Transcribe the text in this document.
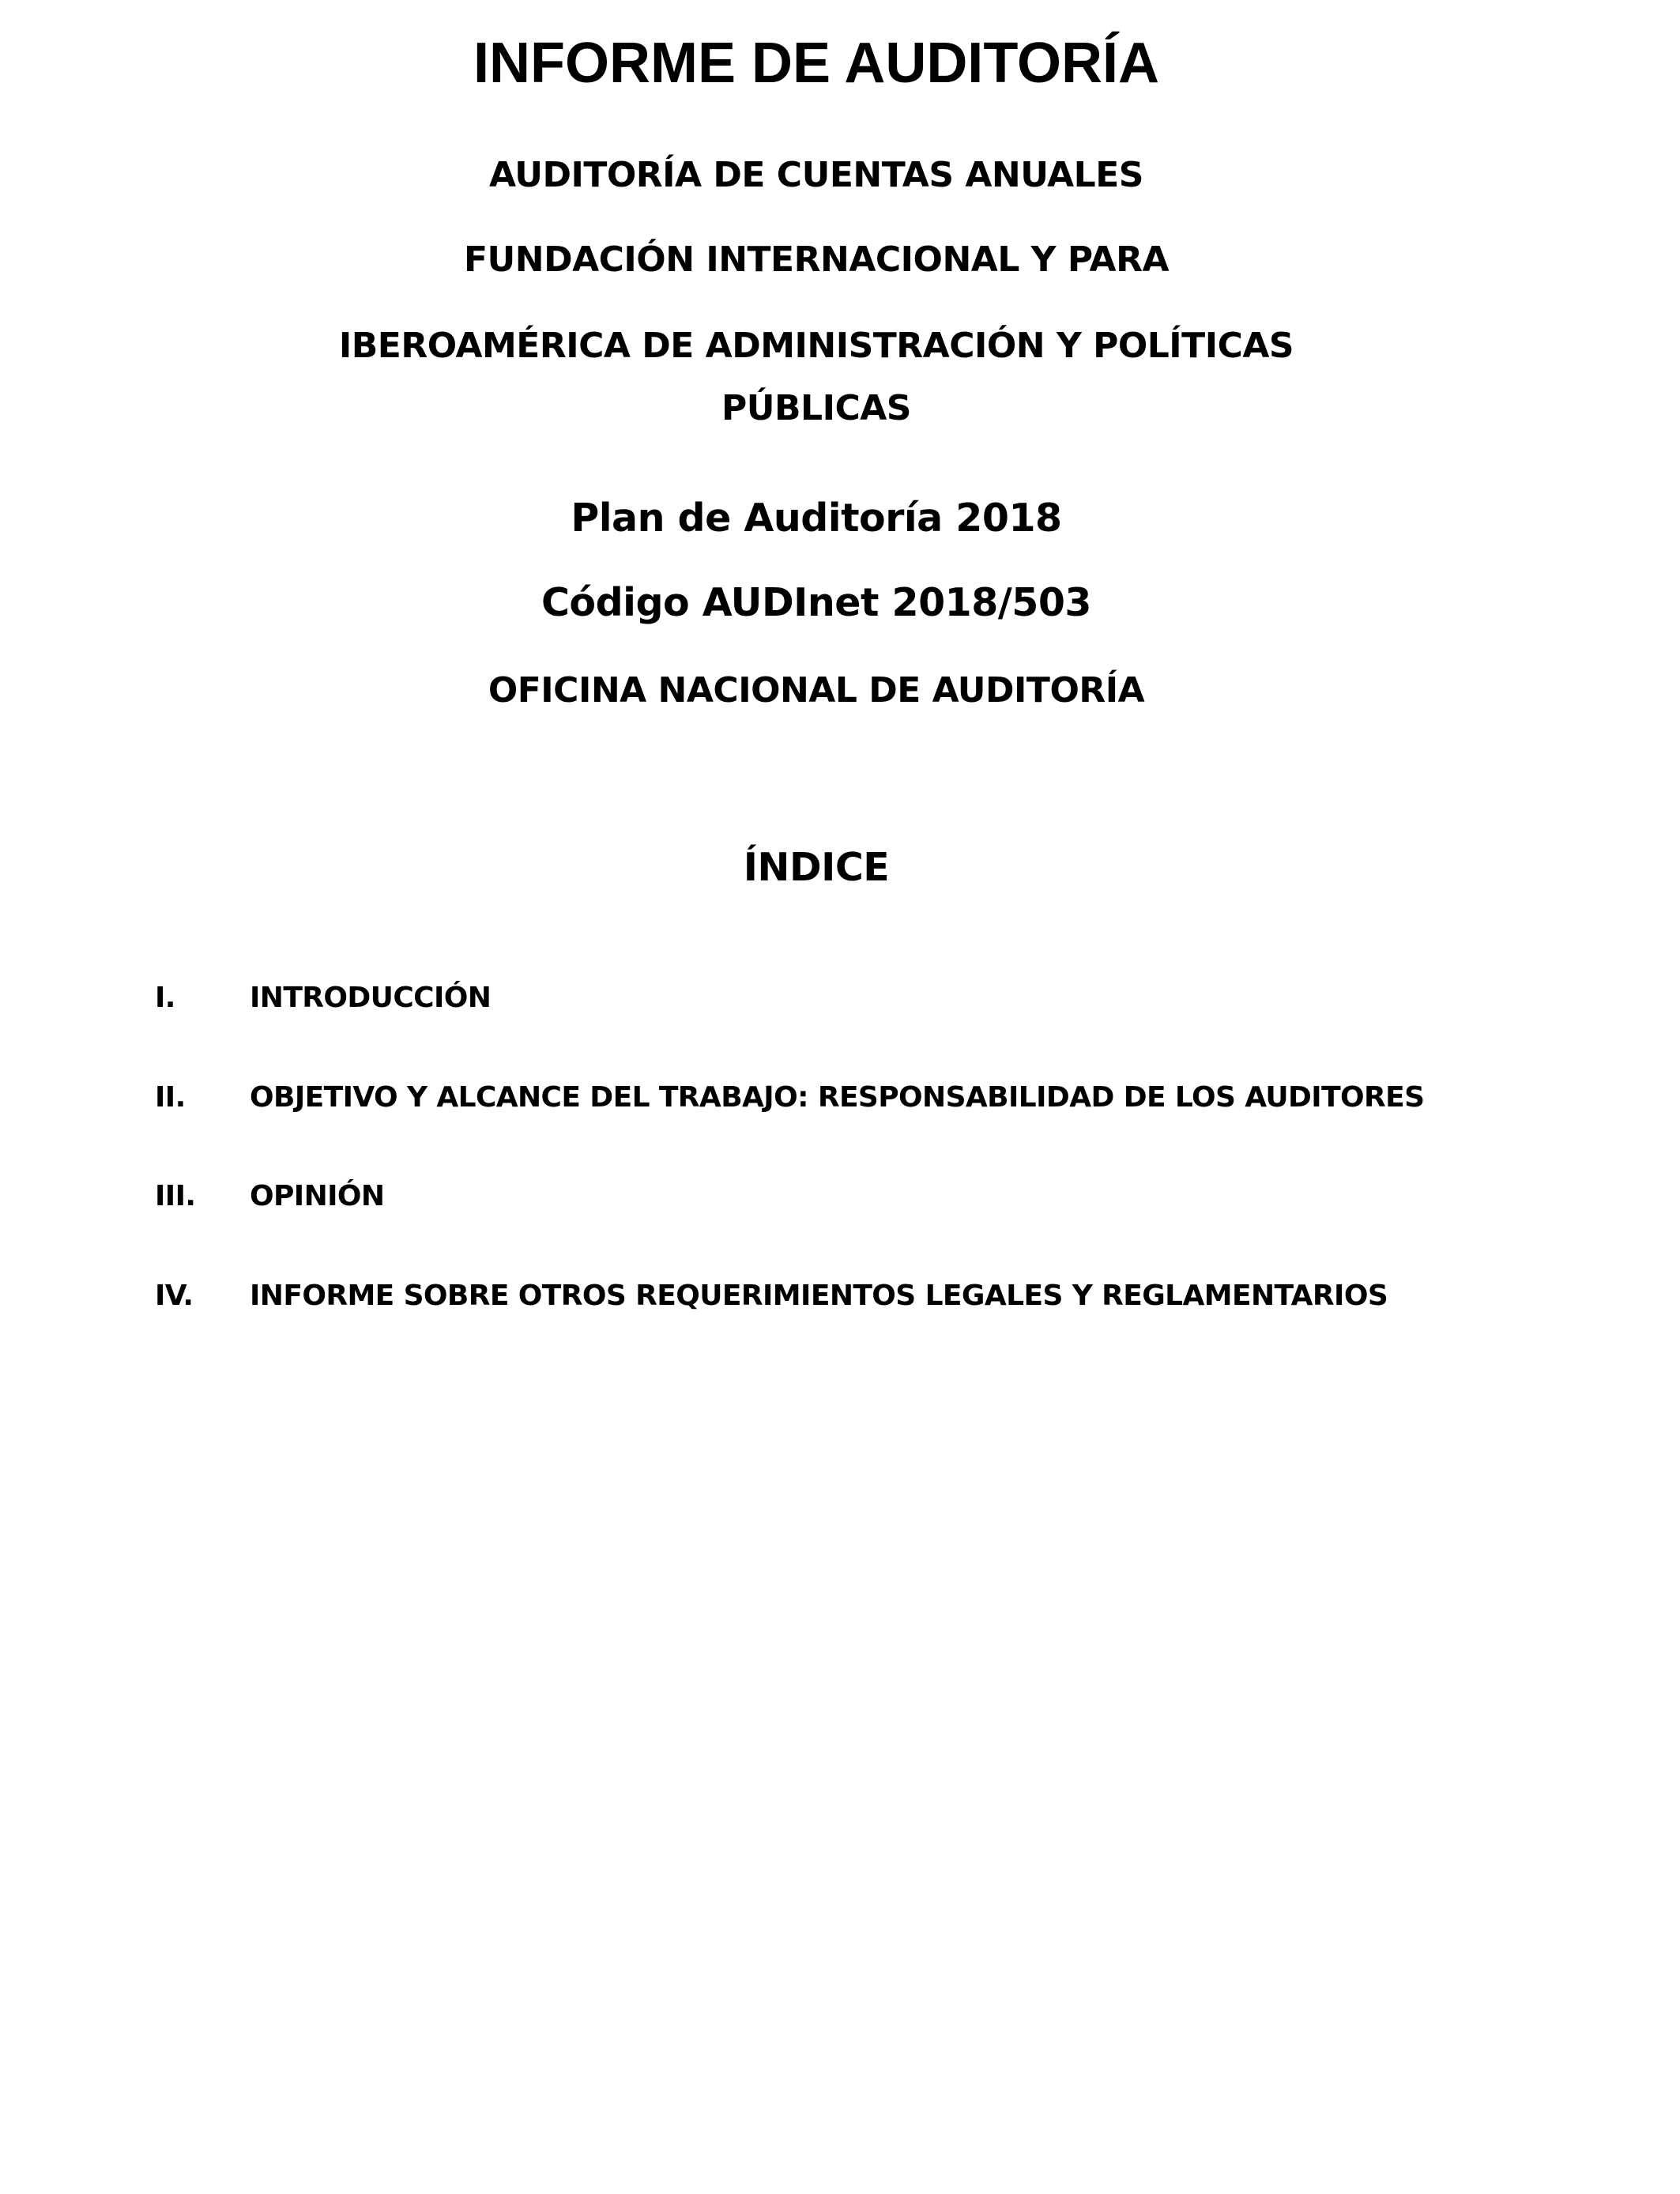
INFORME DE AUDITORÍA

AUDITORÍA DE CUENTAS ANUALES

FUNDACIÓN INTERNACIONAL Y PARA

IBEROAMÉRICA DE ADMINISTRACIÓN Y POLÍTICAS

PÚBLICAS

Plan de Auditoría 2018

Código AUDInet 2018/503

OFICINA NACIONAL DE AUDITORÍA

ÍNDICE

I.	INTRODUCCIÓN
II. OBJETIVO Y ALCANCE DEL TRABAJO: RESPONSABILIDAD DE LOS AUDITORES
III. OPINIÓN
IV. INFORME SOBRE OTROS REQUERIMIENTOS LEGALES Y REGLAMENTARIOS
